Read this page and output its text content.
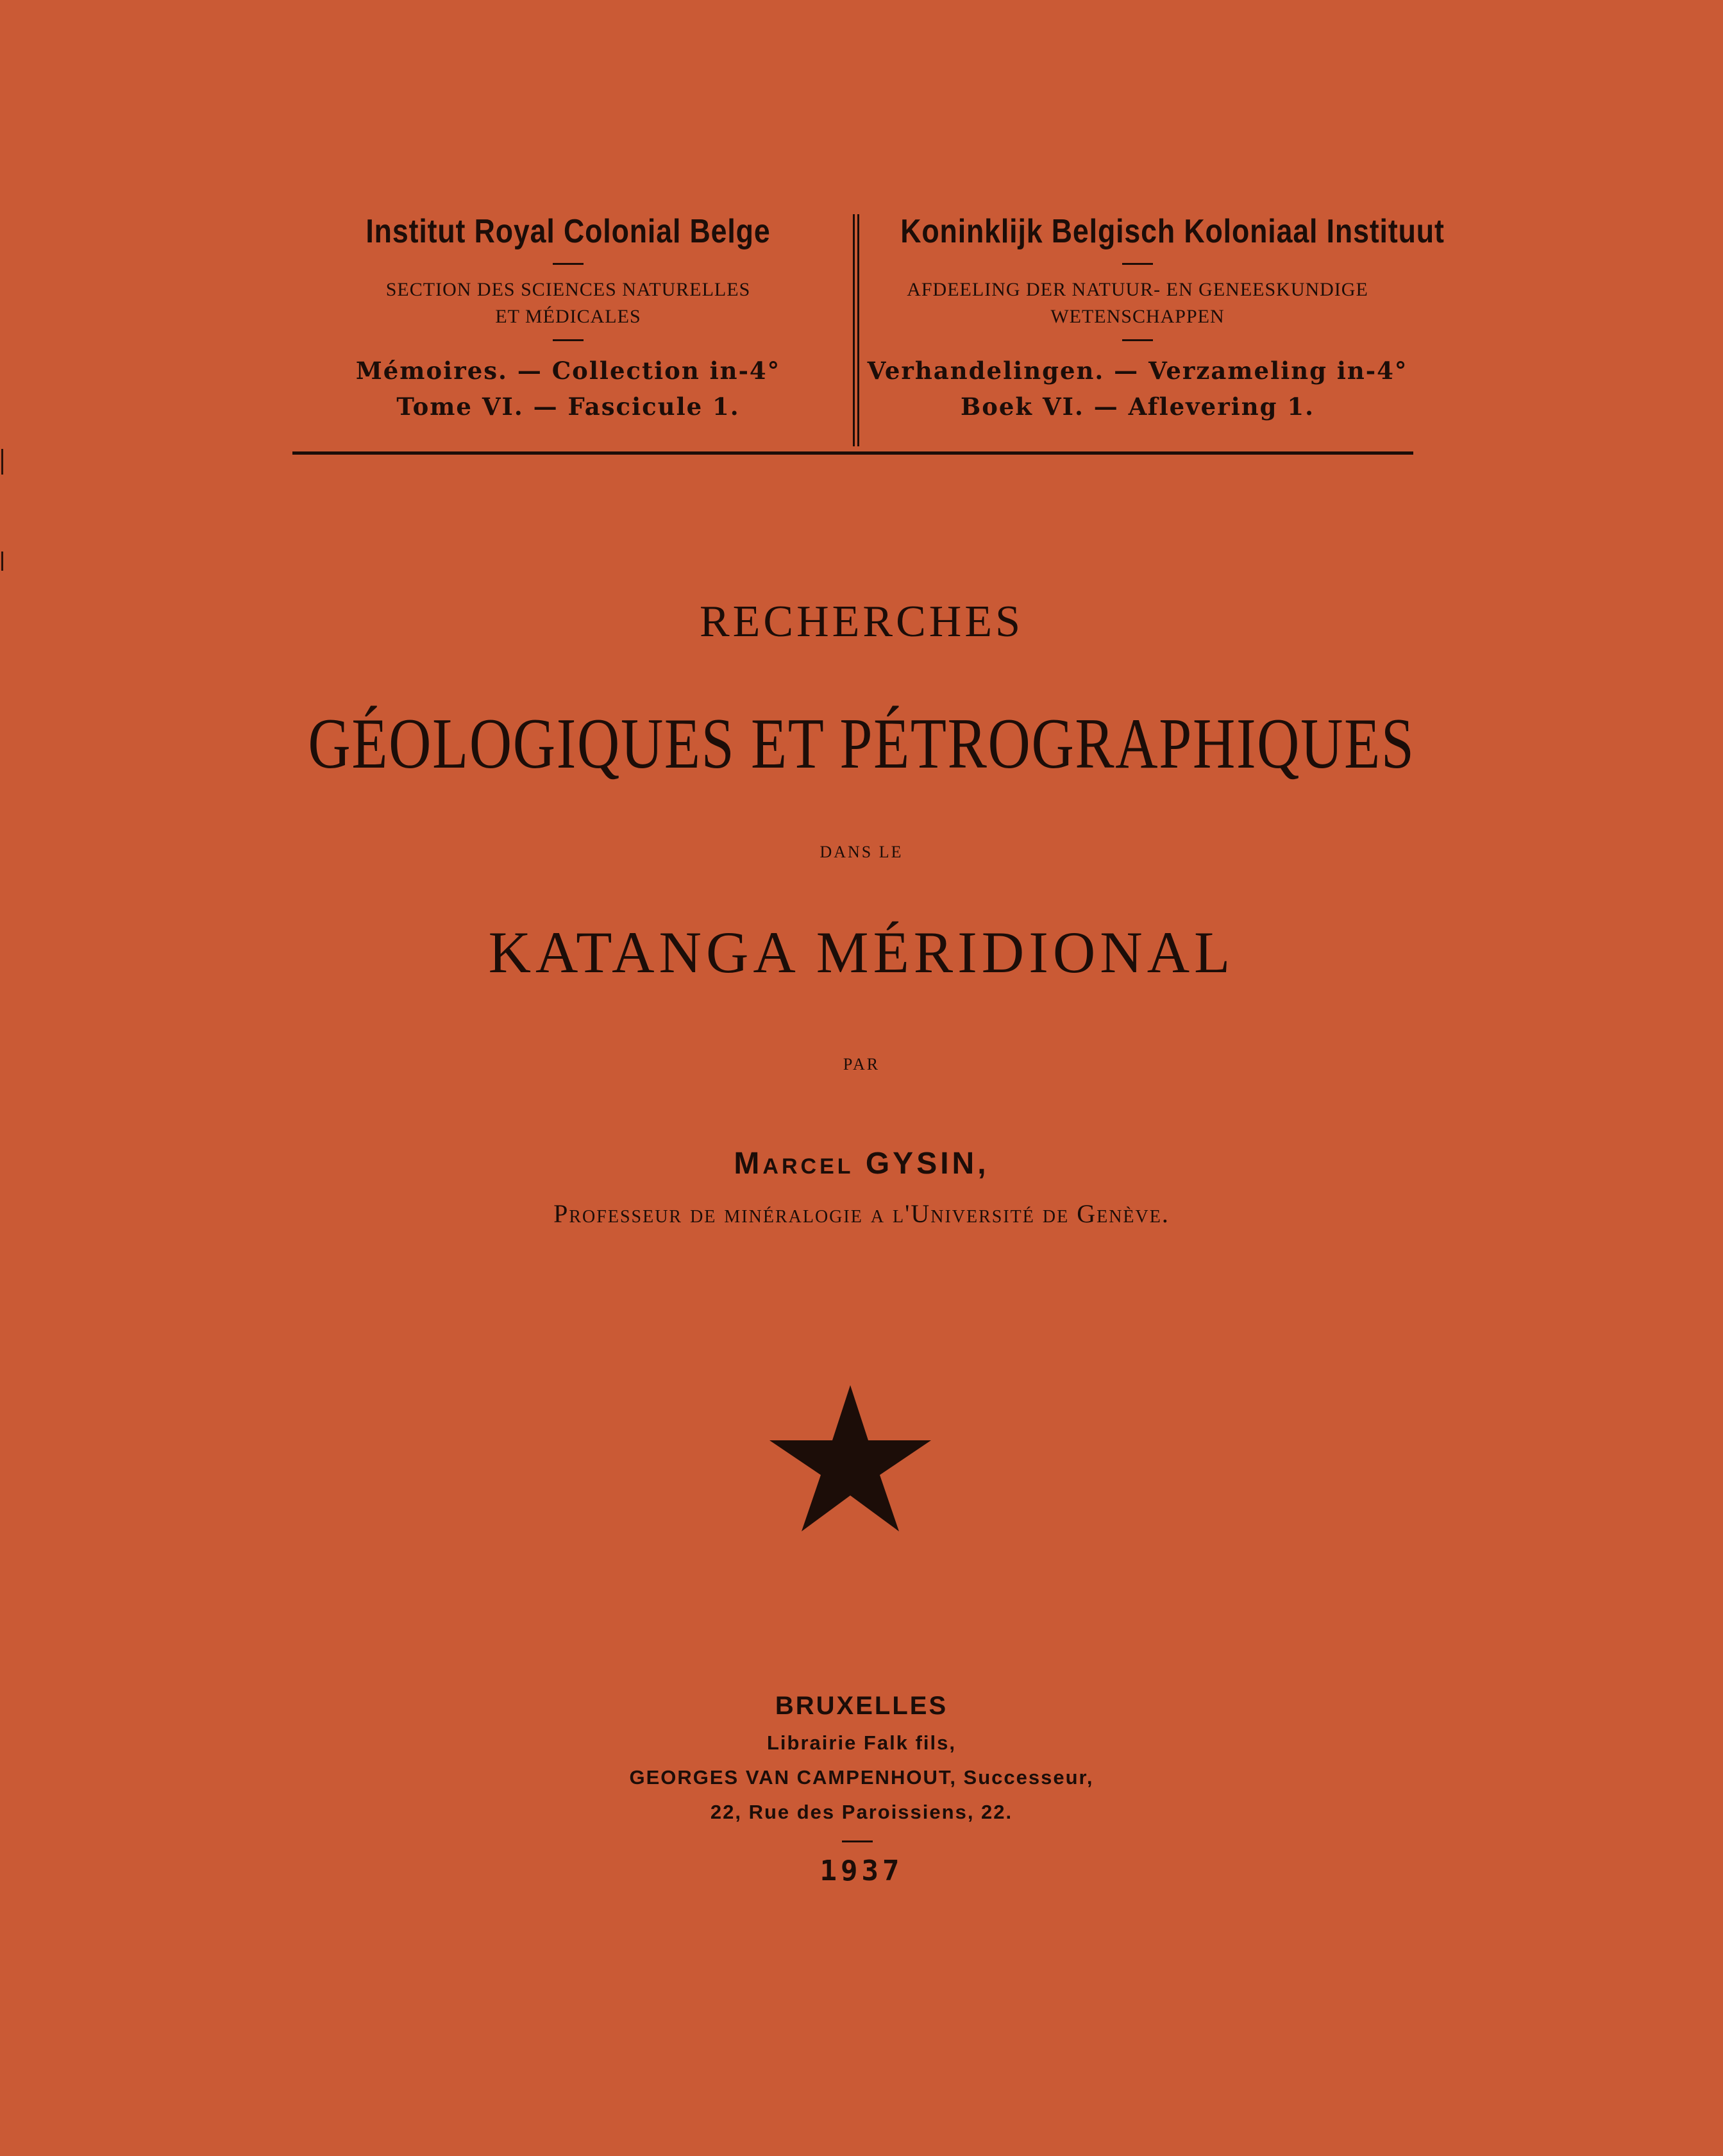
Institut Royal Colonial Belge
SECTION DES SCIENCES NATURELLES
ET MÉDICALES
Mémoires. — Collection in-4°
Tome VI. — Fascicule 1.
Koninklijk Belgisch Koloniaal Instituut
AFDEELING DER NATUUR- EN GENEESKUNDIGE
WETENSCHAPPEN
Verhandelingen. — Verzameling in-4°
Boek VI. — Aflevering 1.
RECHERCHES
GÉOLOGIQUES ET PÉTROGRAPHIQUES
DANS LE
KATANGA MÉRIDIONAL
PAR
Marcel GYSIN,
Professeur de minéralogie a l'Université de Genève.
BRUXELLES
Librairie Falk fils,
GEORGES VAN CAMPENHOUT, Successeur,
22, Rue des Paroissiens, 22.
1937
